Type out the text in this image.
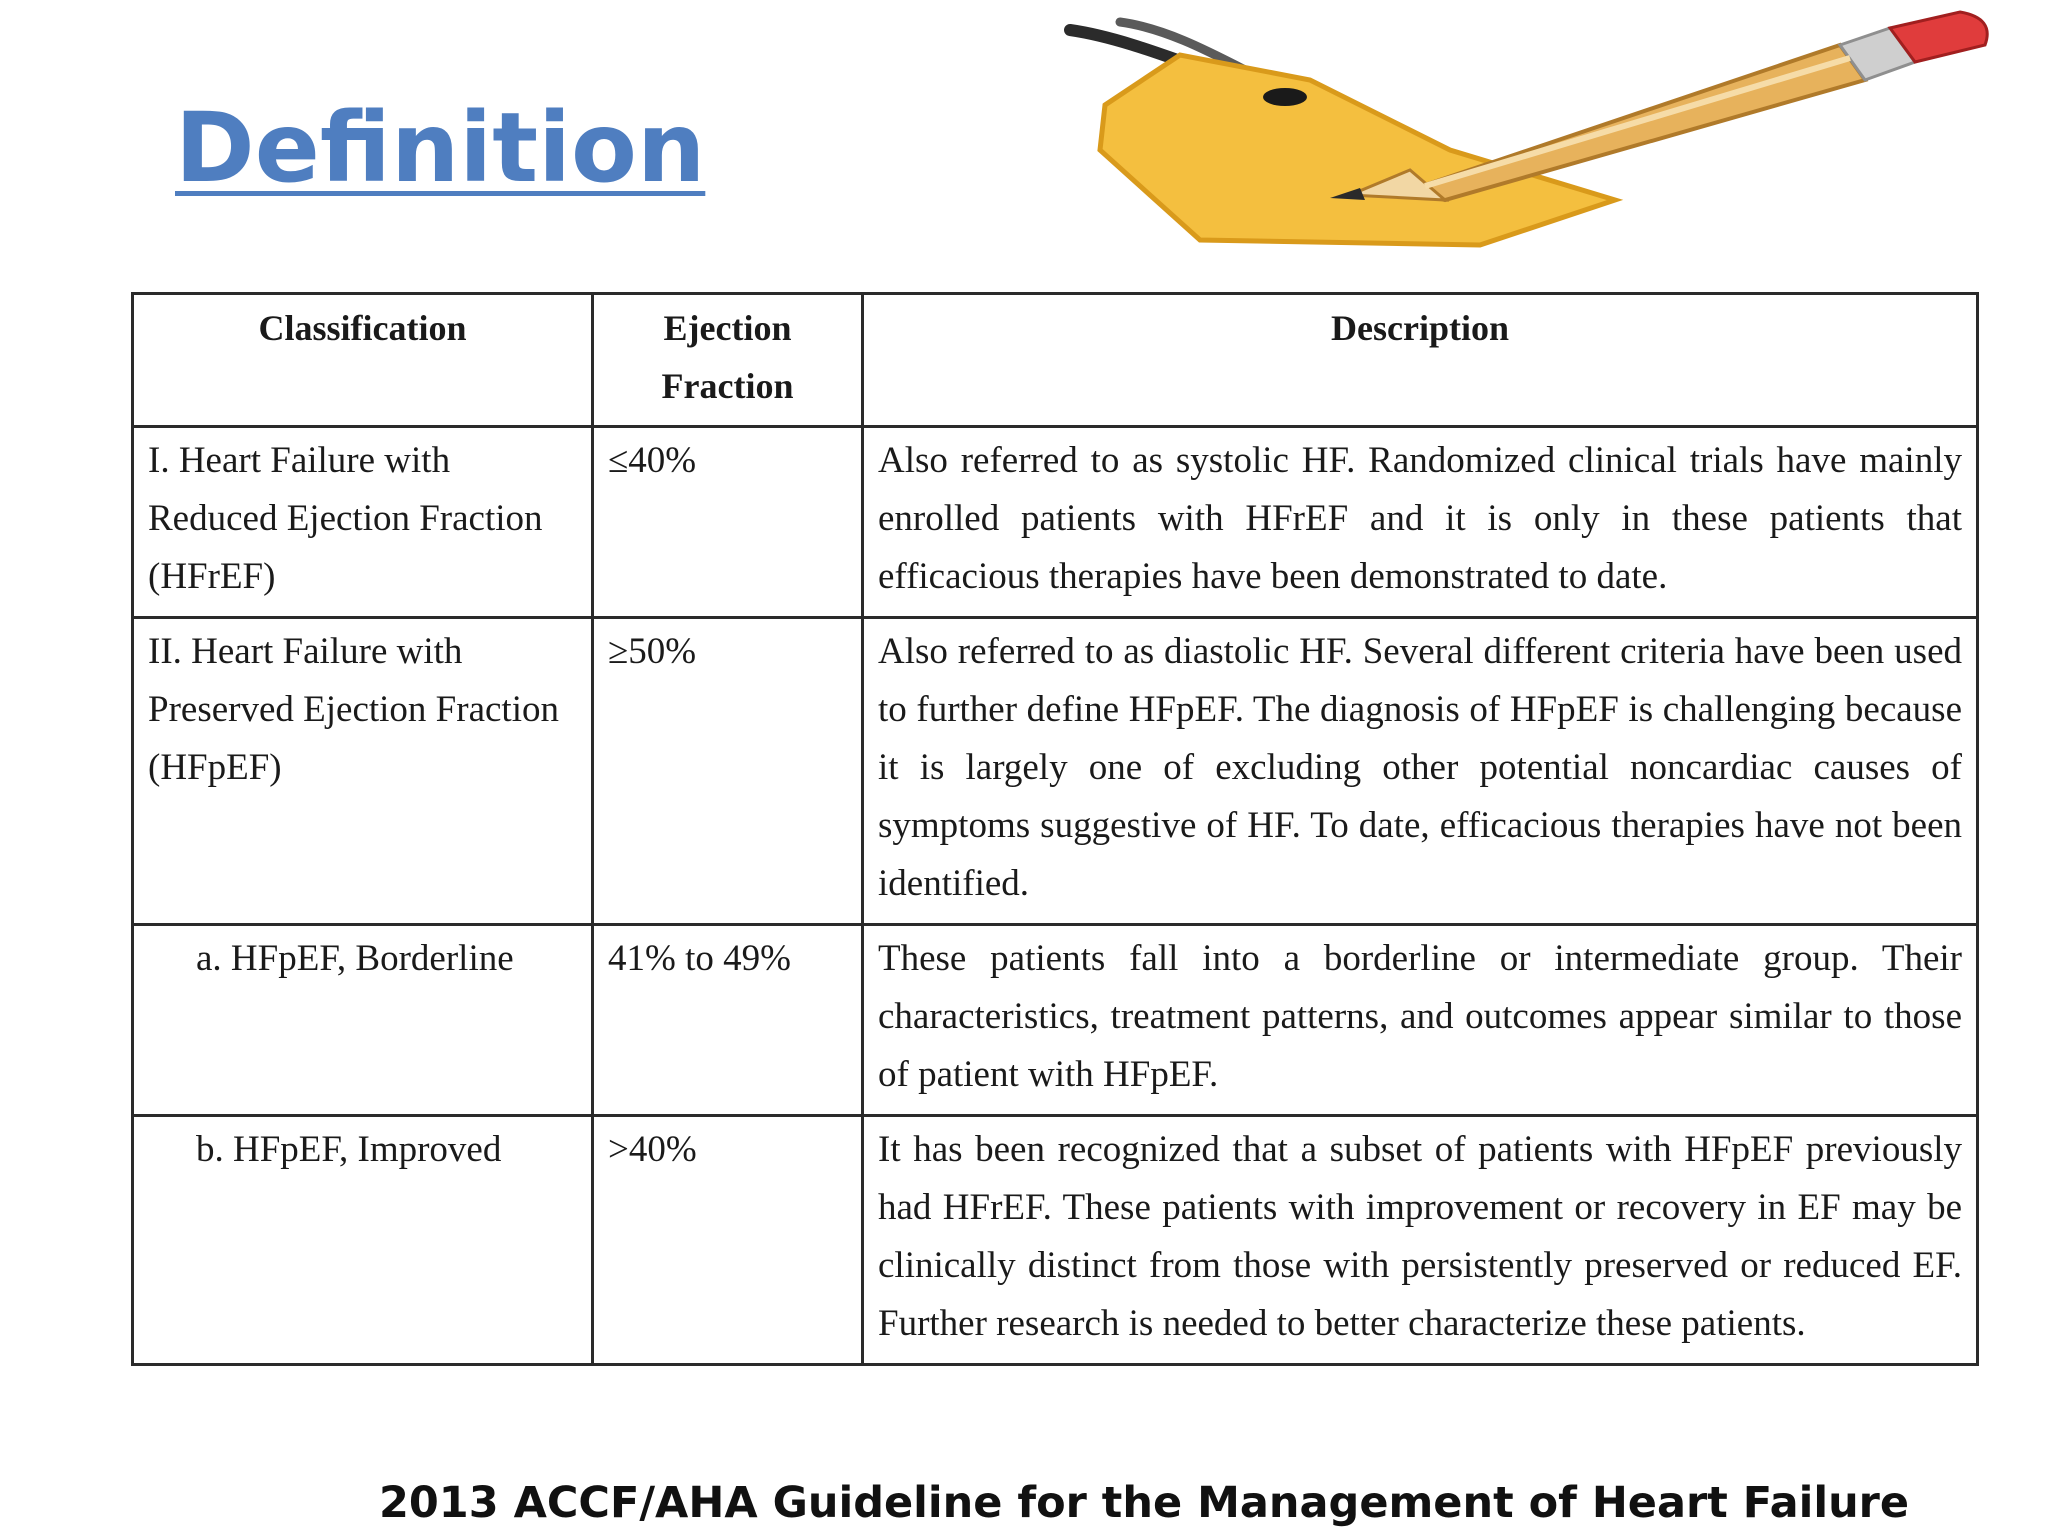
Definition
Classification	Ejection Fraction	Description
I. Heart Failure with Reduced Ejection Fraction (HFrEF)	≤40%	Also referred to as systolic HF. Randomized clinical trials have mainly enrolled patients with HFrEF and it is only in these patients that efficacious therapies have been demonstrated to date.

II. Heart Failure with Preserved Ejection Fraction (HFpEF)	≥50%	Also referred to as diastolic HF. Several different criteria have been used to further define HFpEF. The diagnosis of HFpEF is challenging because it is largely one of excluding other potential noncardiac causes of symptoms suggestive of HF. To date, efficacious therapies have not been identified.

a. HFpEF, Borderline	41% to 49%	These patients fall into a borderline or intermediate group. Their characteristics, treatment patterns, and outcomes appear similar to those of patient with HFpEF.

b. HFpEF, Improved	>40%	It has been recognized that a subset of patients with HFpEF previously had HFrEF. These patients with improvement or recovery in EF may be clinically distinct from those with persistently preserved or reduced EF. Further research is needed to better characterize these patients.
2013 ACCF/AHA Guideline for the Management of Heart Failure
